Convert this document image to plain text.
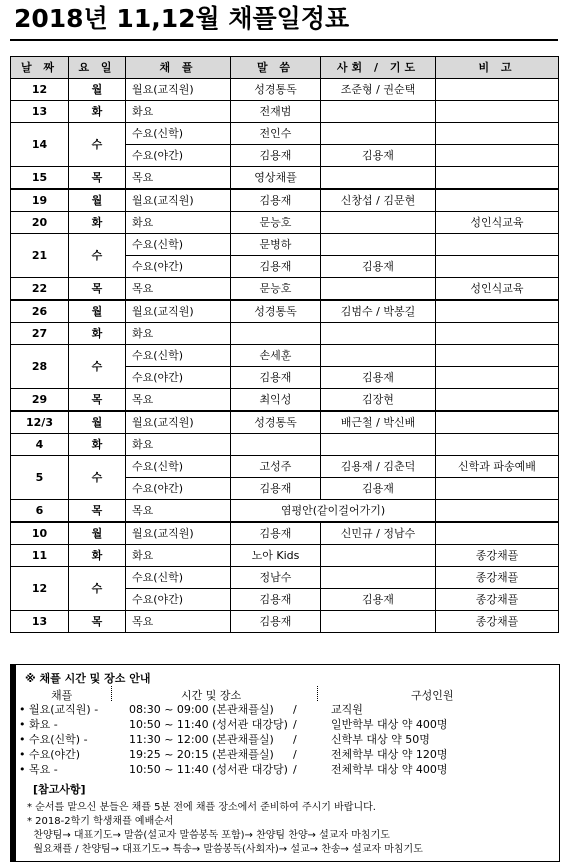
2018년 11,12월 채플일정표
날 짜	요 일	채 플	말 씀	사회 / 기도	비 고
12	월	월요(교직원)	성경통독	조준형 / 권순택	
13	화	화요	전재범		
14	수	수요(신학)	전인수		
		수요(야간)	김용재	김용재	
15	목	목요	영상채플		
19	월	월요(교직원)	김용재	신창섭 / 김문현	
20	화	화요	문능호		성인식교육
21	수	수요(신학)	문병하		
		수요(야간)	김용재	김용재	
22	목	목요	문능호		성인식교육
26	월	월요(교직원)	성경통독	김범수 / 박봉길	
27	화	화요			
28	수	수요(신학)	손세훈		
		수요(야간)	김용재	김용재	
29	목	목요	최익성	김장현	
12/3	월	월요(교직원)	성경통독	배근철 / 박신배	
4	화	화요			
5	수	수요(신학)	고성주	김용재 / 김춘덕	신학과 파송예배
		수요(야간)	김용재	김용재	
6	목	목요	염평안(같이걸어가기)		
10	월	월요(교직원)	김용재	신민규 / 정남수	
11	화	화요	노아 Kids		종강채플
12	수	수요(신학)	정남수		종강채플
		수요(야간)	김용재	김용재	종강채플
13	목	목요	김용재		종강채플
※ 채플 시간 및 장소 안내
채플	시간 및 장소	구성인원
• 월요(교직원) -	08:30 ~ 09:00 (본관채플실) /	교직원
• 화요 -	10:50 ~ 11:40 (성서관 대강당) /	일반학부 대상 약 400명
• 수요(신학) -	11:30 ~ 12:00 (본관채플실) /	신학부 대상 약 50명
• 수요(야간)	19:25 ~ 20:15 (본관채플실) /	전체학부 대상 약 120명
• 목요 -	10:50 ~ 11:40 (성서관 대강당) /	전체학부 대상 약 400명
[참고사항]
* 순서를 맡으신 분들은 채플 5분 전에 채플 장소에서 준비하여 주시기 바랍니다.
* 2018-2학기 학생채플 예배순서
찬양팀→ 대표기도→ 말씀(설교자 말씀봉독 포함)→ 찬양팀 찬양→ 설교자 마침기도
월요채플 / 찬양팀→ 대표기도→ 특송→ 말씀봉독(사회자)→ 설교→ 찬송→ 설교자 마침기도
